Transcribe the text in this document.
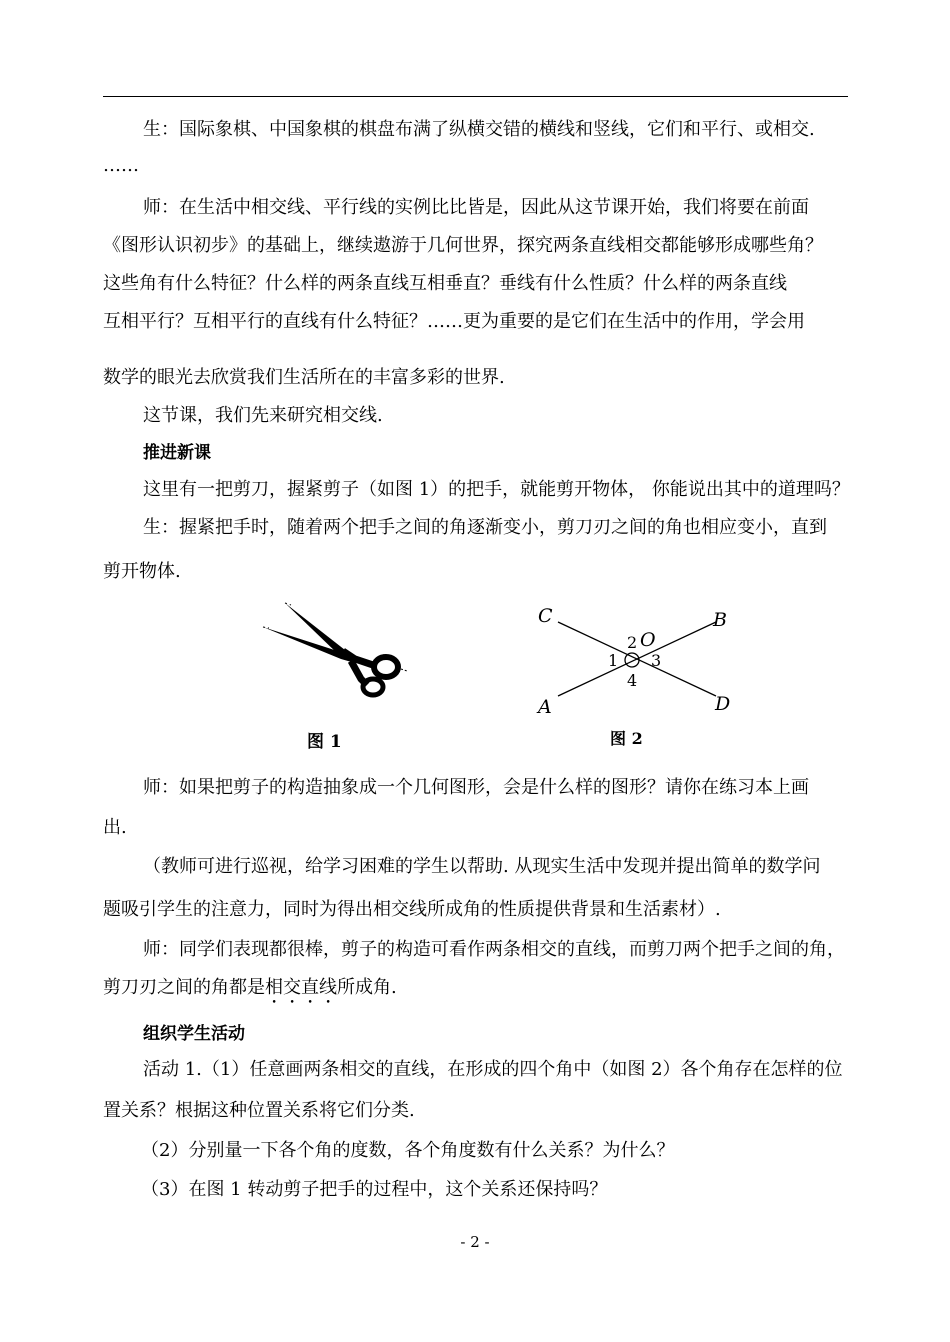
生：国际象棋、中国象棋的棋盘布满了纵横交错的横线和竖线，它们和平行、或相交.
……
师：在生活中相交线、平行线的实例比比皆是，因此从这节课开始，我们将要在前面
《图形认识初步》的基础上，继续遨游于几何世界，探究两条直线相交都能够形成哪些角？
这些角有什么特征？什么样的两条直线互相垂直？垂线有什么性质？什么样的两条直线
互相平行？互相平行的直线有什么特征？……更为重要的是它们在生活中的作用，学会用
数学的眼光去欣赏我们生活所在的丰富多彩的世界.
这节课，我们先来研究相交线.
推进新课
这里有一把剪刀，握紧剪子（如图 1）的把手，就能剪开物体， 你能说出其中的道理吗？
生：握紧把手时，随着两个把手之间的角逐渐变小，剪刀刃之间的角也相应变小，直到
剪开物体.
图 1
C	B
O
A	D
2
1 3
4
图 2
师：如果把剪子的构造抽象成一个几何图形，会是什么样的图形？请你在练习本上画
出.
（教师可进行巡视，给学习困难的学生以帮助. 从现实生活中发现并提出简单的数学问
题吸引学生的注意力，同时为得出相交线所成角的性质提供背景和生活素材）.
师：同学们表现都很棒，剪子的构造可看作两条相交的直线，而剪刀两个把手之间的角，
剪刀刃之间的角都是相交直线所成角.
组织学生活动
活动 1.（1）任意画两条相交的直线，在形成的四个角中（如图 2）各个角存在怎样的位
置关系？根据这种位置关系将它们分类.
（2）分别量一下各个角的度数，各个角度数有什么关系？为什么？
（3）在图 1 转动剪子把手的过程中，这个关系还保持吗？
- 2 -
